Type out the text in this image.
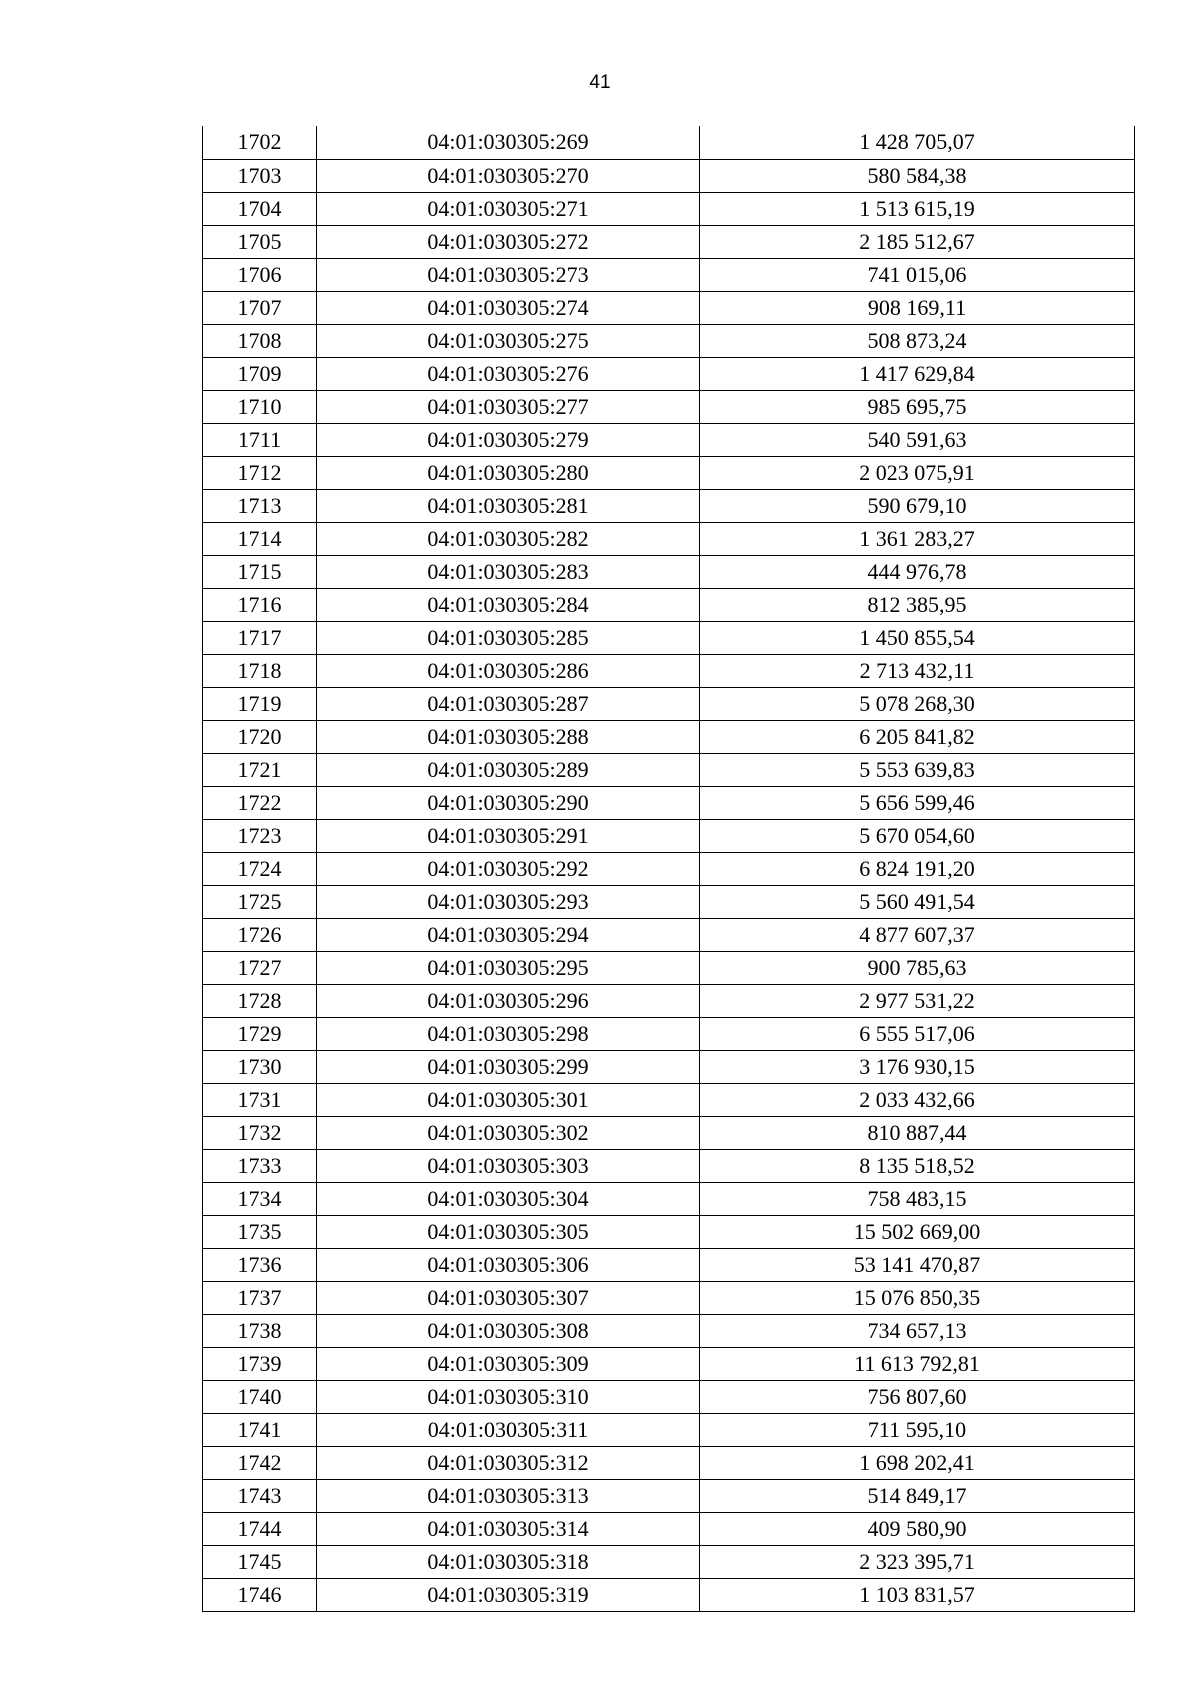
41
1702	04:01:030305:269	1 428 705,07
1703	04:01:030305:270	580 584,38
1704	04:01:030305:271	1 513 615,19
1705	04:01:030305:272	2 185 512,67
1706	04:01:030305:273	741 015,06
1707	04:01:030305:274	908 169,11
1708	04:01:030305:275	508 873,24
1709	04:01:030305:276	1 417 629,84
1710	04:01:030305:277	985 695,75
1711	04:01:030305:279	540 591,63
1712	04:01:030305:280	2 023 075,91
1713	04:01:030305:281	590 679,10
1714	04:01:030305:282	1 361 283,27
1715	04:01:030305:283	444 976,78
1716	04:01:030305:284	812 385,95
1717	04:01:030305:285	1 450 855,54
1718	04:01:030305:286	2 713 432,11
1719	04:01:030305:287	5 078 268,30
1720	04:01:030305:288	6 205 841,82
1721	04:01:030305:289	5 553 639,83
1722	04:01:030305:290	5 656 599,46
1723	04:01:030305:291	5 670 054,60
1724	04:01:030305:292	6 824 191,20
1725	04:01:030305:293	5 560 491,54
1726	04:01:030305:294	4 877 607,37
1727	04:01:030305:295	900 785,63
1728	04:01:030305:296	2 977 531,22
1729	04:01:030305:298	6 555 517,06
1730	04:01:030305:299	3 176 930,15
1731	04:01:030305:301	2 033 432,66
1732	04:01:030305:302	810 887,44
1733	04:01:030305:303	8 135 518,52
1734	04:01:030305:304	758 483,15
1735	04:01:030305:305	15 502 669,00
1736	04:01:030305:306	53 141 470,87
1737	04:01:030305:307	15 076 850,35
1738	04:01:030305:308	734 657,13
1739	04:01:030305:309	11 613 792,81
1740	04:01:030305:310	756 807,60
1741	04:01:030305:311	711 595,10
1742	04:01:030305:312	1 698 202,41
1743	04:01:030305:313	514 849,17
1744	04:01:030305:314	409 580,90
1745	04:01:030305:318	2 323 395,71
1746	04:01:030305:319	1 103 831,57
